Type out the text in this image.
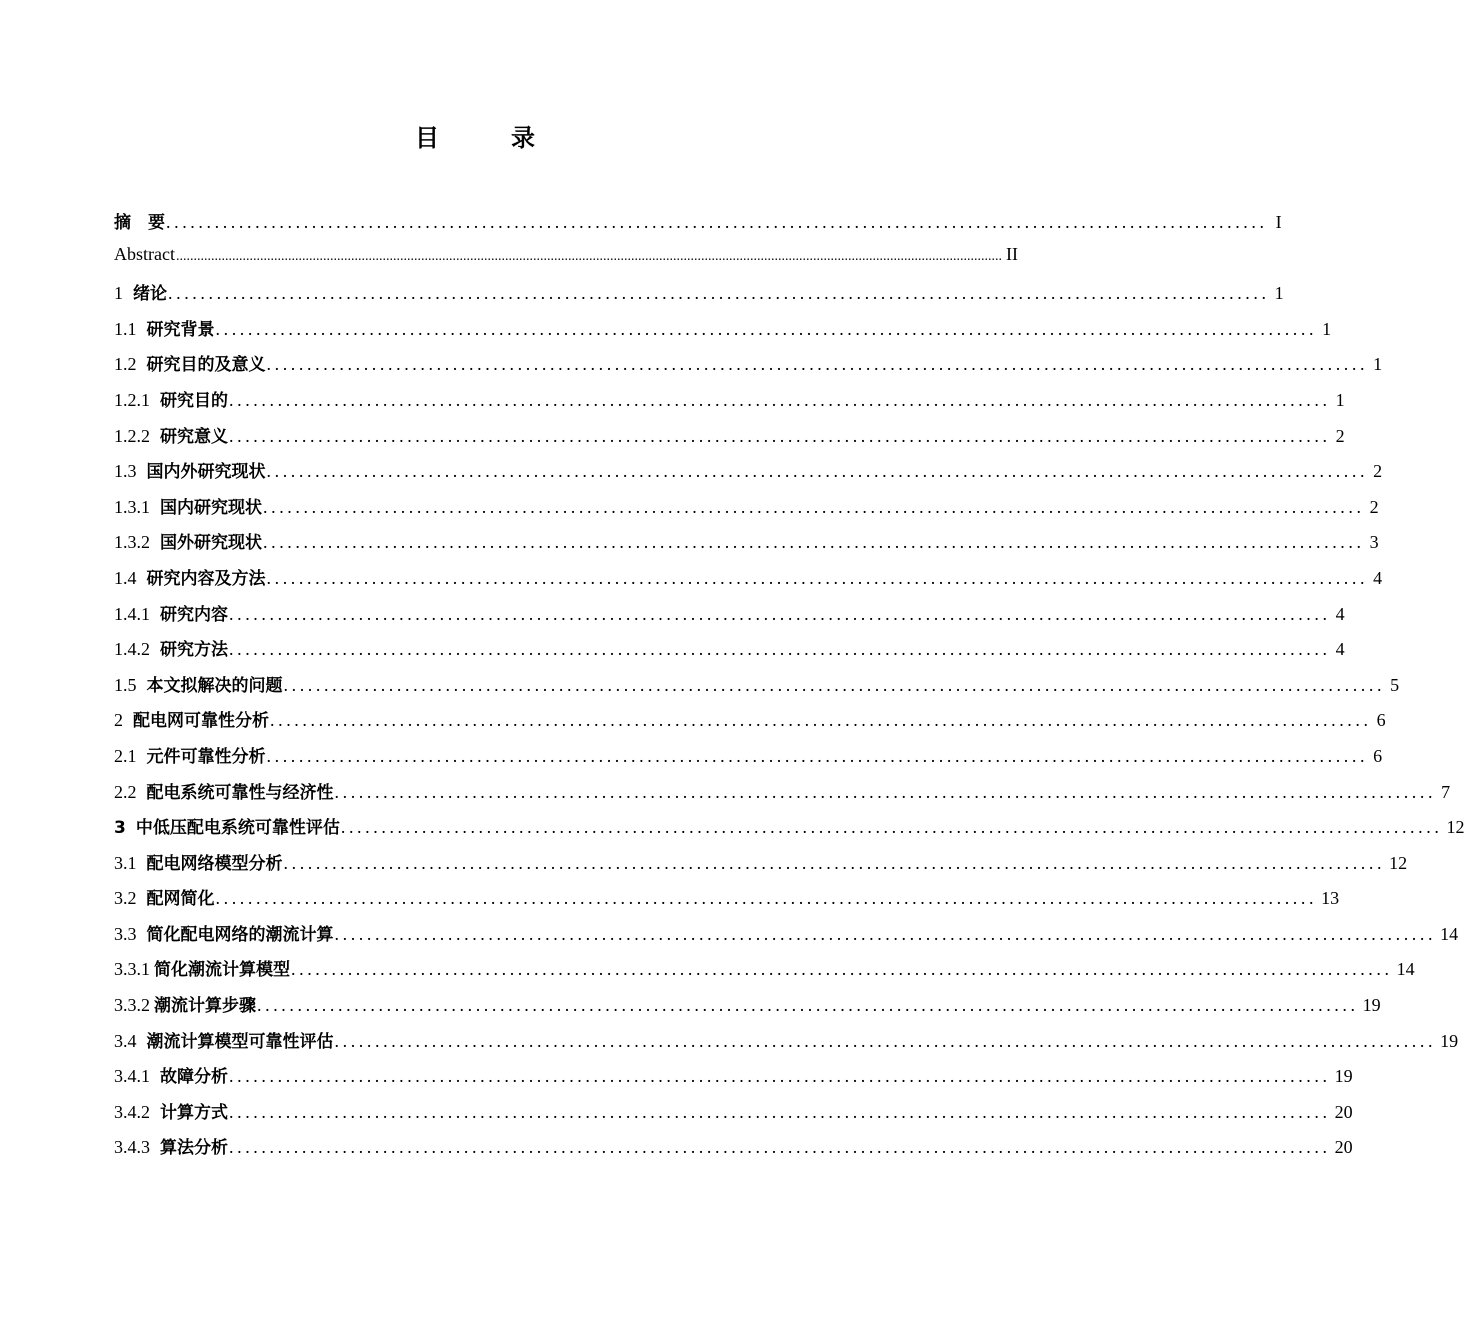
目　录
摘　要 ........................................................................................................................................ I
Abstract ............................................................................................................................................................................................................................................ II
1 绪论 ........................................................................................................................................ 1
1.1 研究背景 ........................................................................................................................................ 1
1.2 研究目的及意义 ........................................................................................................................................ 1
1.2.1 研究目的 ........................................................................................................................................ 1
1.2.2 研究意义 ........................................................................................................................................ 2
1.3 国内外研究现状 ........................................................................................................................................ 2
1.3.1 国内研究现状 ........................................................................................................................................ 2
1.3.2 国外研究现状 ........................................................................................................................................ 3
1.4 研究内容及方法 ........................................................................................................................................ 4
1.4.1 研究内容 ........................................................................................................................................ 4
1.4.2 研究方法 ........................................................................................................................................ 4
1.5 本文拟解决的问题 ........................................................................................................................................ 5
2 配电网可靠性分析 ........................................................................................................................................ 6
2.1 元件可靠性分析 ........................................................................................................................................ 6
2.2 配电系统可靠性与经济性 ........................................................................................................................................ 7
3 中低压配电系统可靠性评估 ........................................................................................................................................ 12
3.1 配电网络模型分析 ........................................................................................................................................ 12
3.2 配网简化 ........................................................................................................................................ 13
3.3 简化配电网络的潮流计算 ........................................................................................................................................ 14
3.3.1 简化潮流计算模型 ........................................................................................................................................ 14
3.3.2 潮流计算步骤 ........................................................................................................................................ 19
3.4 潮流计算模型可靠性评估 ........................................................................................................................................ 19
3.4.1 故障分析 ........................................................................................................................................ 19
3.4.2 计算方式 ........................................................................................................................................ 20
3.4.3 算法分析 ........................................................................................................................................ 20
